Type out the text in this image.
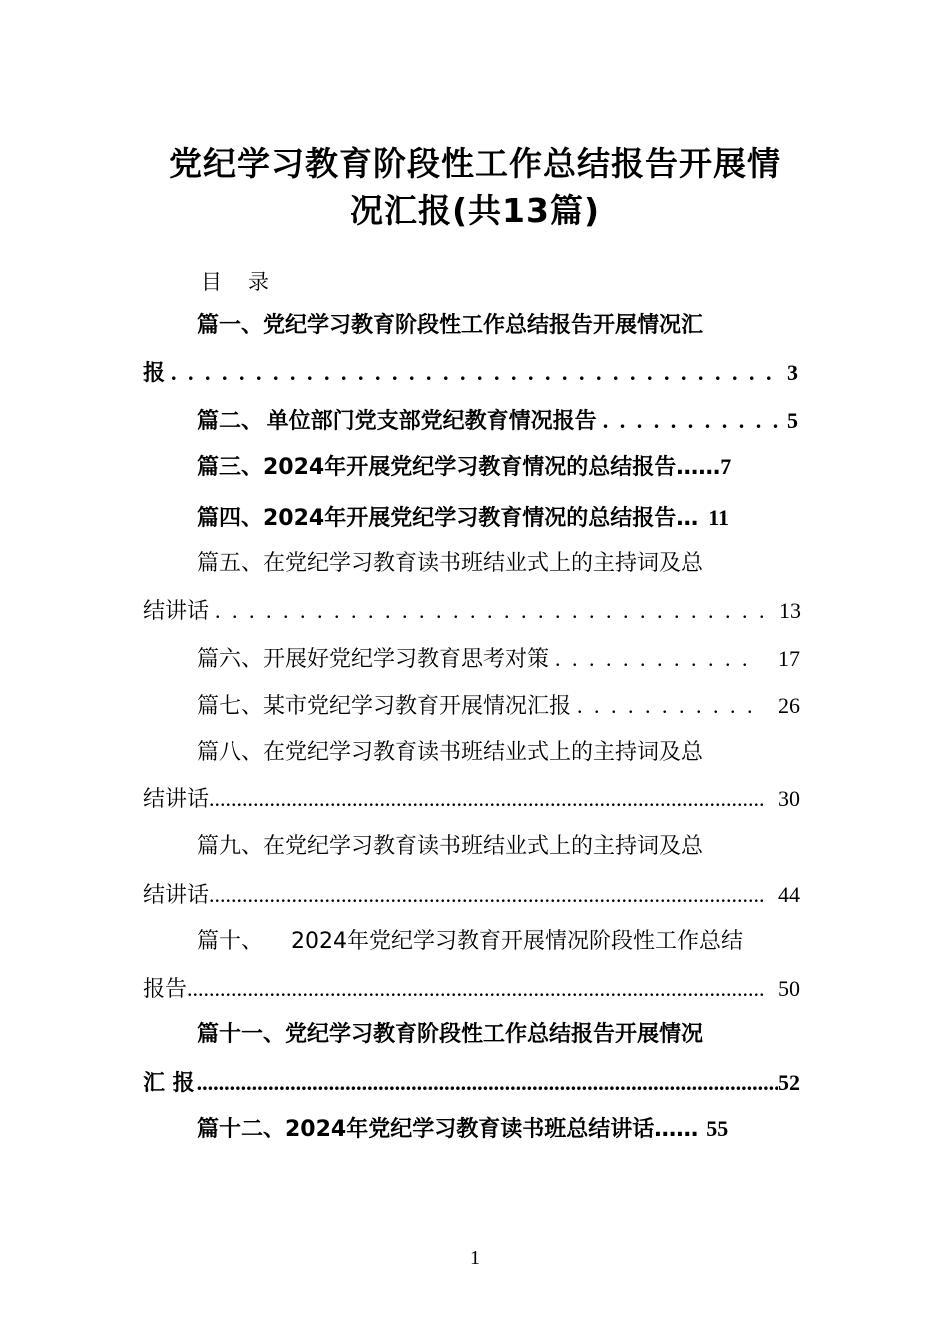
党纪学习教育阶段性工作总结报告开展情
况汇报(共13篇)
目录
篇一、党纪学习教育阶段性工作总结报告开展情况汇
报 . . .	3
篇二、 单位部门党支部党纪教育情况报告 . . .	5
篇三、2024年开展党纪学习教育情况的总结报告…… 7
篇四、2024年开展党纪学习教育情况的总结报告… 11
篇五、在党纪学习教育读书班结业式上的主持词及总
结讲话 . . .	13
篇六、开展好党纪学习教育思考对策 . . .	17
篇七、某市党纪学习教育开展情况汇报 . . .	26
篇八、在党纪学习教育读书班结业式上的主持词及总
结讲话 .....	30
篇九、在党纪学习教育读书班结业式上的主持词及总
结讲话 .....	44
篇十、 2024年党纪学习教育开展情况阶段性工作总结
报告 .....	50
篇十一、党纪学习教育阶段性工作总结报告开展情况
汇 报 .....	52
篇十二、2024年党纪学习教育读书班总结讲话…… 55
1
